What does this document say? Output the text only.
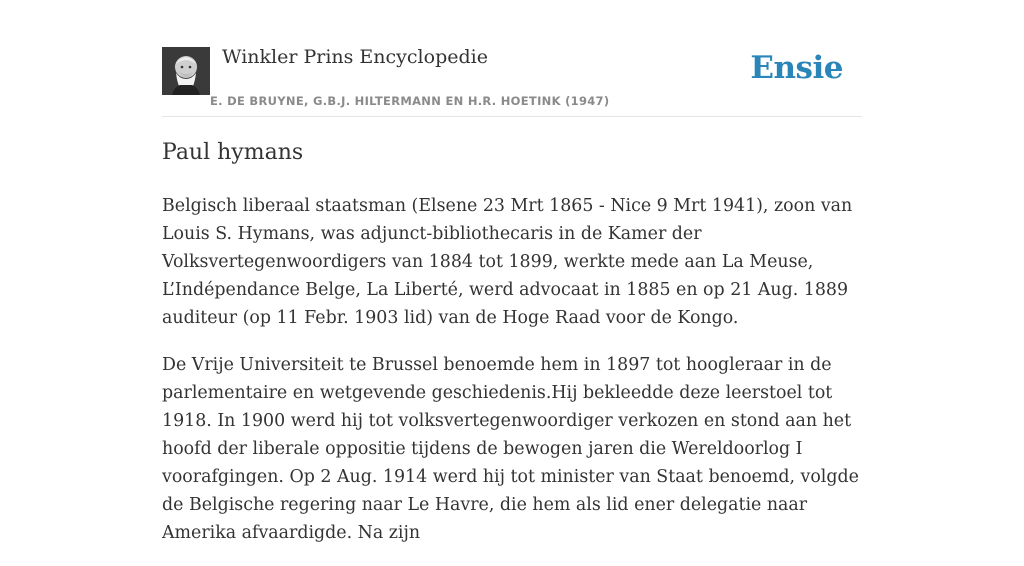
Winkler Prins Encyclopedie
E. DE BRUYNE, G.B.J. HILTERMANN EN H.R. HOETINK (1947)
Ensie
Paul hymans

Belgisch liberaal staatsman (Elsene 23 Mrt 1865 - Nice 9 Mrt 1941), zoon van Louis S. Hymans, was adjunct-bibliothecaris in de Kamer der Volksvertegenwoordigers van 1884 tot 1899, werkte mede aan La Meuse, L’Indépendance Belge, La Liberté, werd advocaat in 1885 en op 21 Aug. 1889 auditeur (op 11 Febr. 1903 lid) van de Hoge Raad voor de Kongo.

De Vrije Universiteit te Brussel benoemde hem in 1897 tot hoogleraar in de parlementaire en wetgevende geschiedenis.Hij bekleedde deze leerstoel tot 1918. In 1900 werd hij tot volksvertegenwoordiger verkozen en stond aan het hoofd der liberale oppositie tijdens de bewogen jaren die Wereldoorlog I voorafgingen. Op 2 Aug. 1914 werd hij tot minister van Staat benoemd, volgde de Belgische regering naar Le Havre, die hem als lid ener delegatie naar Amerika afvaardigde. Na zijn
